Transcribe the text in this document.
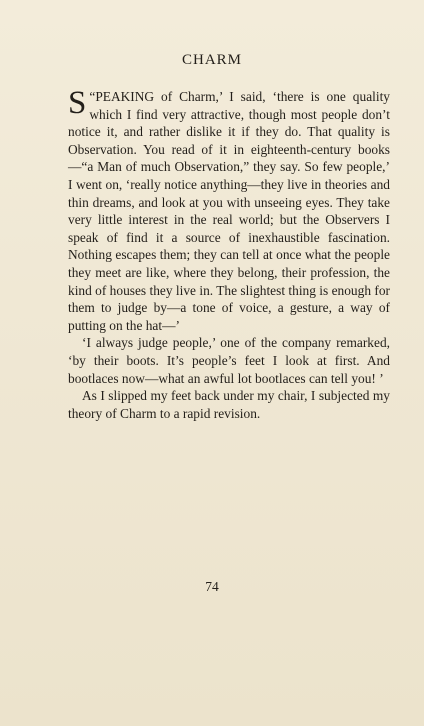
CHARM

“
S PEAKING of Charm,’ I said, ‘there is one quality which I find very attractive, though most people don’t notice it, and rather dislike it if they do. That quality is Observation. You read of it in eighteenth-century books—“a Man of much Observation,” they say. So few people,’ I went on, ‘really notice anything—they live in theories and thin dreams, and look at you with unseeing eyes. They take very little interest in the real world; but the Observers I speak of find it a source of inexhaustible fascination. Nothing escapes them; they can tell at once what the people they meet are like, where they belong, their profession, the kind of houses they live in. The slightest thing is enough for them to judge by—a tone of voice, a gesture, a way of putting on the hat—’

‘I always judge people,’ one of the company remarked, ‘by their boots. It’s people’s feet I look at first. And bootlaces now—what an awful lot bootlaces can tell you! ’

As I slipped my feet back under my chair, I subjected my theory of Charm to a rapid revision.

74
